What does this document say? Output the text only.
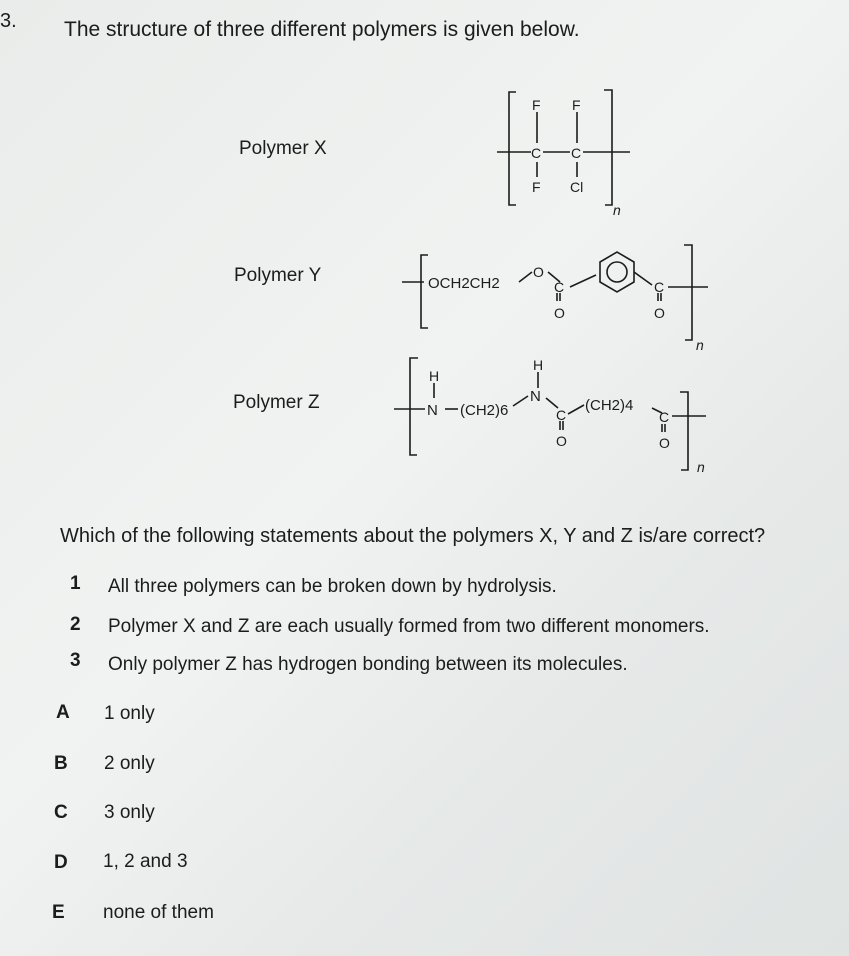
3. The structure of three different polymers is given below.
Polymer X
Polymer Y
Polymer Z
F F
C C
F Cl
n
OCH2CH2
O
C
O
C
O
n
H
N (CH2)6
H
N
C
O
(CH2)4
C
O
n
Which of the following statements about the polymers X, Y and Z is/are correct?
1 All three polymers can be broken down by hydrolysis.
2 Polymer X and Z are each usually formed from two different monomers.
3 Only polymer Z has hydrogen bonding between its molecules.
A 1 only
B 2 only
C 3 only
D 1, 2 and 3
E none of them
